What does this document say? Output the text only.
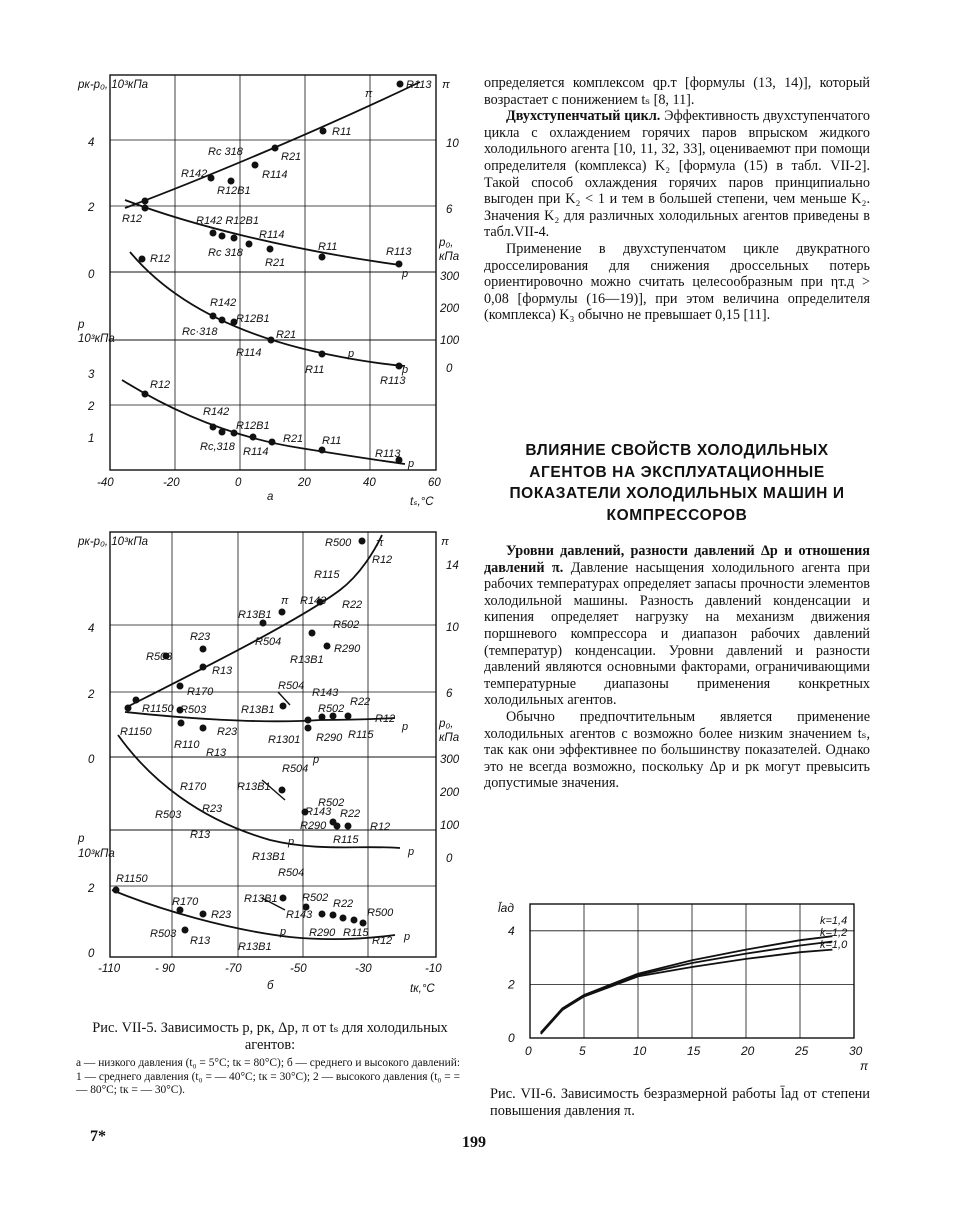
R113
π
R11
R21
R114
R12B1
R142
Rc 318
R12	R142 R12B1
R114
Rc 318
R21
R11	R113
p
R12
R142
R12B1
Rc·318	R21
R114	p
R11
R113
p
R12
R142
R12B1
Rc,318 R114
R21 R11
R113
p
pк-p₀, 10³кПа
4
2
0
p
10³кПа
3
2
1
π
10
6
p₀,
кПа
300
200
100
0
-40	-20	0	20	40	60
а	tₛ,°C
R500 π
R12
R115
π R143 R22
R13B1
R502
R504
R13B1
R290
R23
R503
R13
R170	R504
R143
R22
R502
R12
p
R115
R290
R1150 R503
R1150
R13B1
R110
R13
R23
R1301
p
R170	R13B1
R504
R502
R23
R503	R143 R22
R290	R12
R115
R13
p
R13B1	p
R1150	R504
R170	R13B1 R502 R22
R143	R500
R503
R13
R23
p
R13B1
R290 R115
R12 p
pк-p₀, 10³кПа
4
2
0
p
10³кПа
2
0
π
14
10
6
p₀,
кПа
300
200
100
0
-110	- 90	-70	-50	-30	-10
б	tк,°C
Рис. VII-5. Зависимость p, pк, Δp, π от tₛ для холодильных агентов:
а — низкого давления (t₀ = 5°C; tк = 80°C); б — среднего и высокого давлений: 1 — среднего давления (t₀ = — 40°C; tк = 30°C); 2 — высокого давления (t₀ = = — 80°C; tк = — 30°C).
7*

определяется комплексом qр.т [формулы (13, 14)], который возрастает с понижением tₛ [8, 11].

Двухступенчатый цикл. Эффективность двухступенчатого цикла с охлаждением горячих паров впрыском жидкого холодильного агента [10, 11, 32, 33], оцениваемют при помощи определителя (комплекса) K₂ [формула (15) в табл. VII-2]. Такой способ охлаждения горячих паров принципиально выгоден при K₂ < 1 и тем в большей степени, чем меньше K₂. Значения K₂ для различных холодильных агентов приведены в табл.VII-4.

Применение в двухступенчатом цикле двукратного дросселирования для снижения дроссельных потерь ориентировочно можно считать целесообразным при ηт.д > 0,08 [формулы (16—19)], при этом величина определителя (комплекса) K₃ обычно не превышает 0,15 [11].

ВЛИЯНИЕ СВОЙСТВ ХОЛОДИЛЬНЫХ АГЕНТОВ НА ЭКСПЛУАТАЦИОННЫЕ ПОКАЗАТЕЛИ ХОЛОДИЛЬНЫХ МАШИН И КОМПРЕССОРОВ

Уровни давлений, разности давлений Δp и отношения давлений π. Давление насыщения холодильного агента при рабочих температурах определяет запасы прочности элементов холодильной машины. Разность давлений конденсации и кипения определяет нагрузку на механизм движения поршневого компрессора и диапазон рабочих давлений (температур) конденсации. Уровни давлений и разности давлений являются основными факторами, ограничивающими температурные диапазоны применения конкретных холодильных агентов.

Обычно предпочтительным является применение холодильных агентов с возможно более низким значением tₛ, так как они эффективнее по большинству показателей. Однако это не всегда возможно, поскольку Δp и pк могут превысить допустимые значения.

l̄ад
π
0	5	10	15	20	25	30
4
2
0
k=1,4
k=1,2
k=1,0
Рис. VII-6. Зависимость безразмерной работы l̄ад от степени повышения давления π.
199
